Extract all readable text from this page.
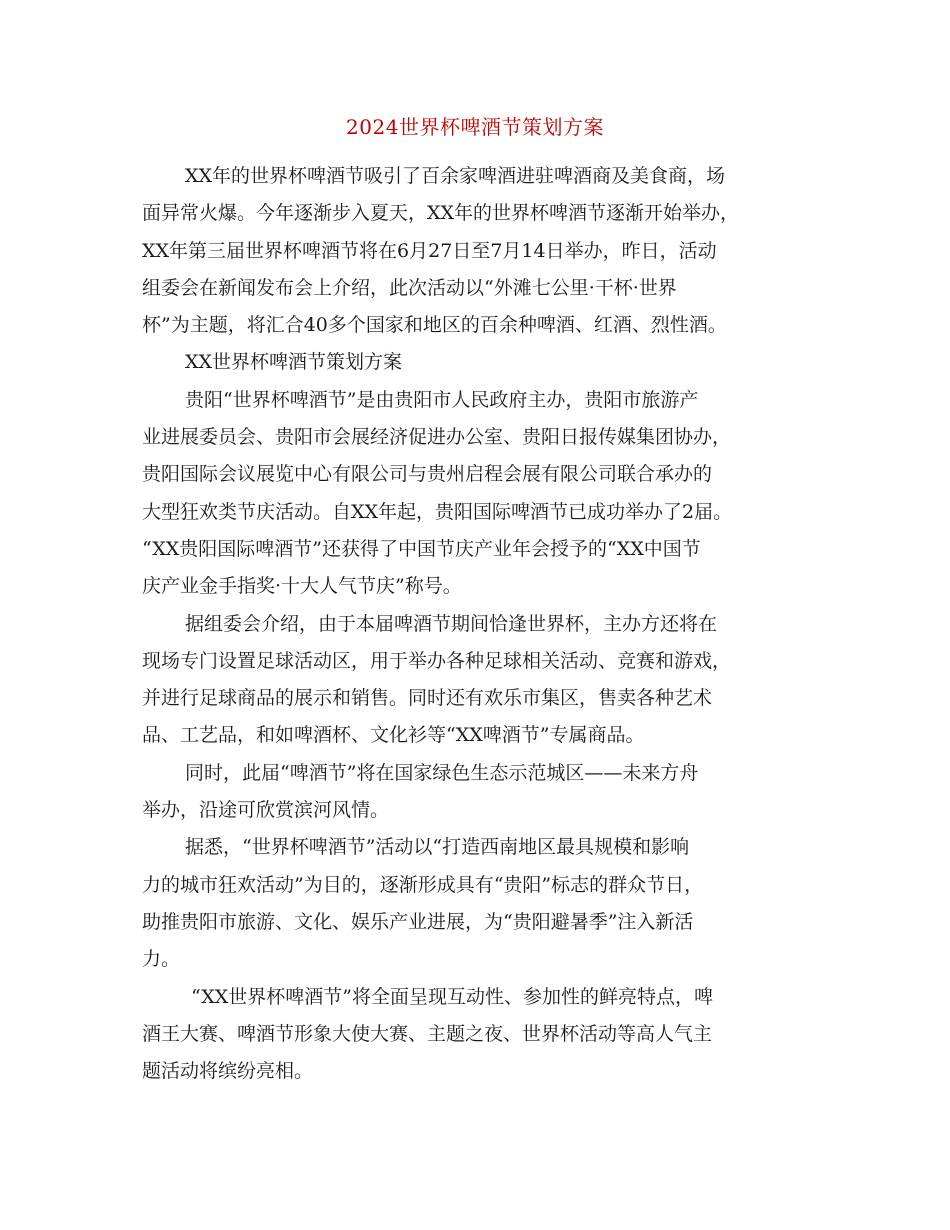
2024世界杯啤酒节策划方案
XX年的世界杯啤酒节吸引了百余家啤酒进驻啤酒商及美食商，场
面异常火爆。今年逐渐步入夏天，XX年的世界杯啤酒节逐渐开始举办，
XX年第三届世界杯啤酒节将在6月27日至7月14日举办，昨日，活动
组委会在新闻发布会上介绍，此次活动以“外滩七公里·干杯·世界
杯”为主题，将汇合40多个国家和地区的百余种啤酒、红酒、烈性酒。
XX世界杯啤酒节策划方案
贵阳“世界杯啤酒节”是由贵阳市人民政府主办，贵阳市旅游产
业进展委员会、贵阳市会展经济促进办公室、贵阳日报传媒集团协办，
贵阳国际会议展览中心有限公司与贵州启程会展有限公司联合承办的
大型狂欢类节庆活动。自XX年起，贵阳国际啤酒节已成功举办了2届。
“XX贵阳国际啤酒节”还获得了中国节庆产业年会授予的“XX中国节
庆产业金手指奖·十大人气节庆”称号。
据组委会介绍，由于本届啤酒节期间恰逢世界杯，主办方还将在
现场专门设置足球活动区，用于举办各种足球相关活动、竞赛和游戏，
并进行足球商品的展示和销售。同时还有欢乐市集区，售卖各种艺术
品、工艺品，和如啤酒杯、文化衫等“XX啤酒节”专属商品。
同时，此届“啤酒节”将在国家绿色生态示范城区——未来方舟
举办，沿途可欣赏滨河风情。
据悉，“世界杯啤酒节”活动以“打造西南地区最具规模和影响
力的城市狂欢活动”为目的，逐渐形成具有“贵阳”标志的群众节日，
助推贵阳市旅游、文化、娱乐产业进展，为“贵阳避暑季”注入新活
力。
“XX世界杯啤酒节”将全面呈现互动性、参加性的鲜亮特点，啤
酒王大赛、啤酒节形象大使大赛、主题之夜、世界杯活动等高人气主
题活动将缤纷亮相。
